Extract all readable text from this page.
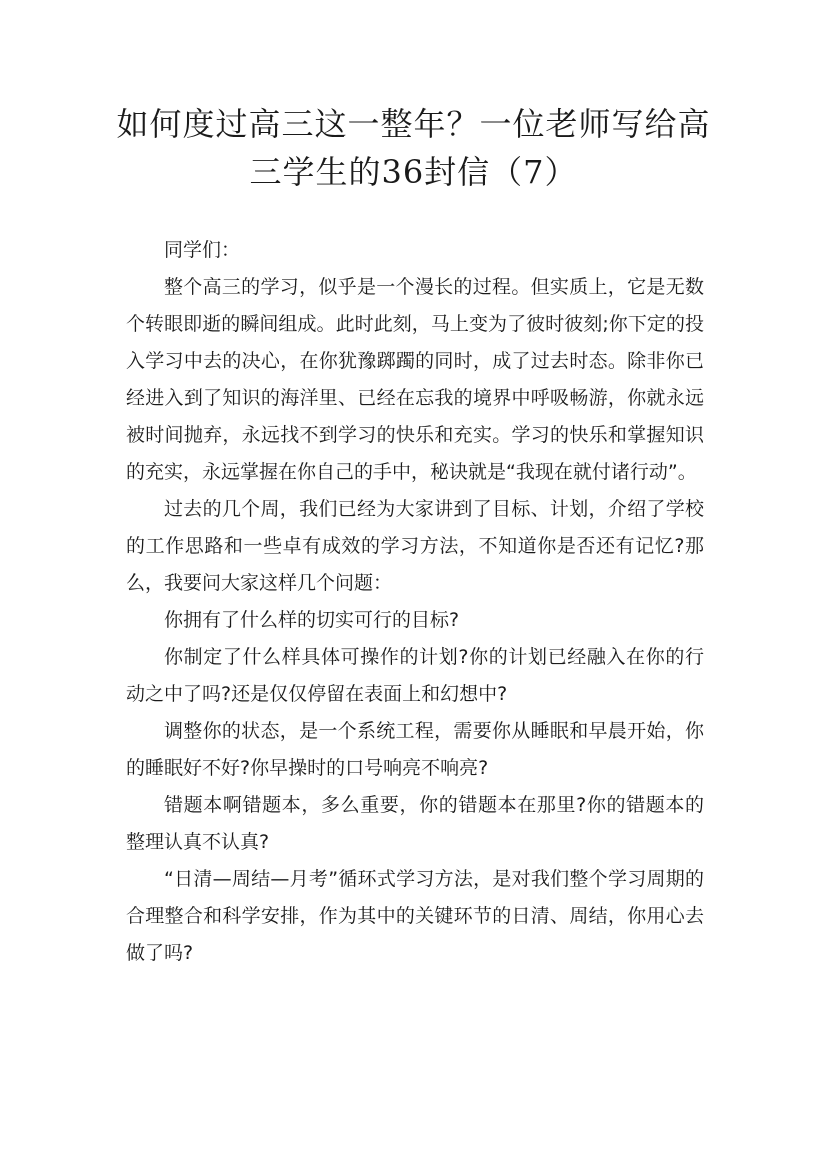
如何度过高三这一整年？一位老师写给高
三学生的36封信（7）

同学们：

整个高三的学习，似乎是一个漫长的过程。但实质上，它是无数个转眼即逝的瞬间组成。此时此刻，马上变为了彼时彼刻;你下定的投入学习中去的决心，在你犹豫踯躅的同时，成了过去时态。除非你已经进入到了知识的海洋里、已经在忘我的境界中呼吸畅游，你就永远被时间抛弃，永远找不到学习的快乐和充实。学习的快乐和掌握知识的充实，永远掌握在你自己的手中，秘诀就是“我现在就付诸行动”。

过去的几个周，我们已经为大家讲到了目标、计划，介绍了学校的工作思路和一些卓有成效的学习方法，不知道你是否还有记忆?那么，我要问大家这样几个问题：

你拥有了什么样的切实可行的目标?

你制定了什么样具体可操作的计划?你的计划已经融入在你的行动之中了吗?还是仅仅停留在表面上和幻想中?

调整你的状态，是一个系统工程，需要你从睡眠和早晨开始，你的睡眠好不好?你早操时的口号响亮不响亮?

错题本啊错题本，多么重要，你的错题本在那里?你的错题本的整理认真不认真?

“日清—周结—月考”循环式学习方法，是对我们整个学习周期的合理整合和科学安排，作为其中的关键环节的日清、周结，你用心去做了吗?
